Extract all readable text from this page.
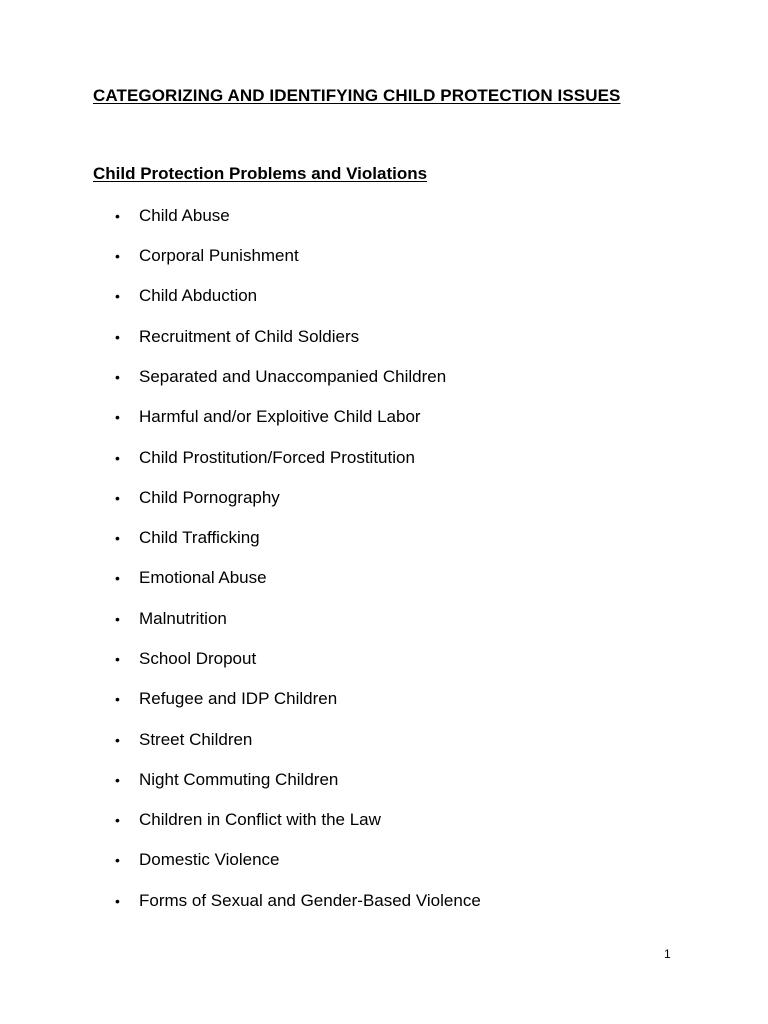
CATEGORIZING AND IDENTIFYING CHILD PROTECTION ISSUES
Child Protection Problems and Violations
• Child Abuse
• Corporal Punishment
• Child Abduction
• Recruitment of Child Soldiers
• Separated and Unaccompanied Children
• Harmful and/or Exploitive Child Labor
• Child Prostitution/Forced Prostitution
• Child Pornography
• Child Trafficking
• Emotional Abuse
• Malnutrition
• School Dropout
• Refugee and IDP Children
• Street Children
• Night Commuting Children
• Children in Conflict with the Law
• Domestic Violence
• Forms of Sexual and Gender-Based Violence
1
